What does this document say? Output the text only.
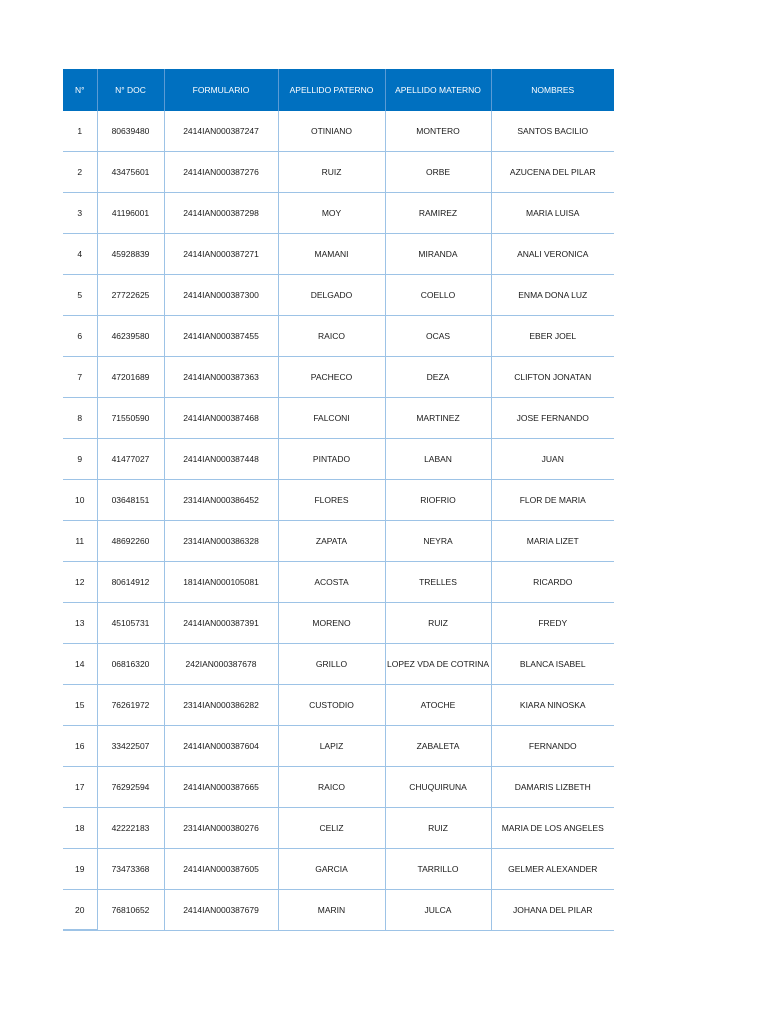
N°	N° DOC	FORMULARIO	APELLIDO PATERNO	APELLIDO MATERNO	NOMBRES
1	80639480	2414IAN000387247	OTINIANO	MONTERO	SANTOS BACILIO
2	43475601	2414IAN000387276	RUIZ	ORBE	AZUCENA DEL PILAR
3	41196001	2414IAN000387298	MOY	RAMIREZ	MARIA LUISA
4	45928839	2414IAN000387271	MAMANI	MIRANDA	ANALI VERONICA
5	27722625	2414IAN000387300	DELGADO	COELLO	ENMA DONA LUZ
6	46239580	2414IAN000387455	RAICO	OCAS	EBER JOEL
7	47201689	2414IAN000387363	PACHECO	DEZA	CLIFTON JONATAN
8	71550590	2414IAN000387468	FALCONI	MARTINEZ	JOSE FERNANDO
9	41477027	2414IAN000387448	PINTADO	LABAN	JUAN
10	03648151	2314IAN000386452	FLORES	RIOFRIO	FLOR DE MARIA
11	48692260	2314IAN000386328	ZAPATA	NEYRA	MARIA LIZET
12	80614912	1814IAN000105081	ACOSTA	TRELLES	RICARDO
13	45105731	2414IAN000387391	MORENO	RUIZ	FREDY
14	06816320	242IAN000387678	GRILLO	LOPEZ VDA DE COTRINA	BLANCA ISABEL
15	76261972	2314IAN000386282	CUSTODIO	ATOCHE	KIARA NINOSKA
16	33422507	2414IAN000387604	LAPIZ	ZABALETA	FERNANDO
17	76292594	2414IAN000387665	RAICO	CHUQUIRUNA	DAMARIS LIZBETH
18	42222183	2314IAN000380276	CELIZ	RUIZ	MARIA DE LOS ANGELES
19	73473368	2414IAN000387605	GARCIA	TARRILLO	GELMER ALEXANDER
20	76810652	2414IAN000387679	MARIN	JULCA	JOHANA DEL PILAR
